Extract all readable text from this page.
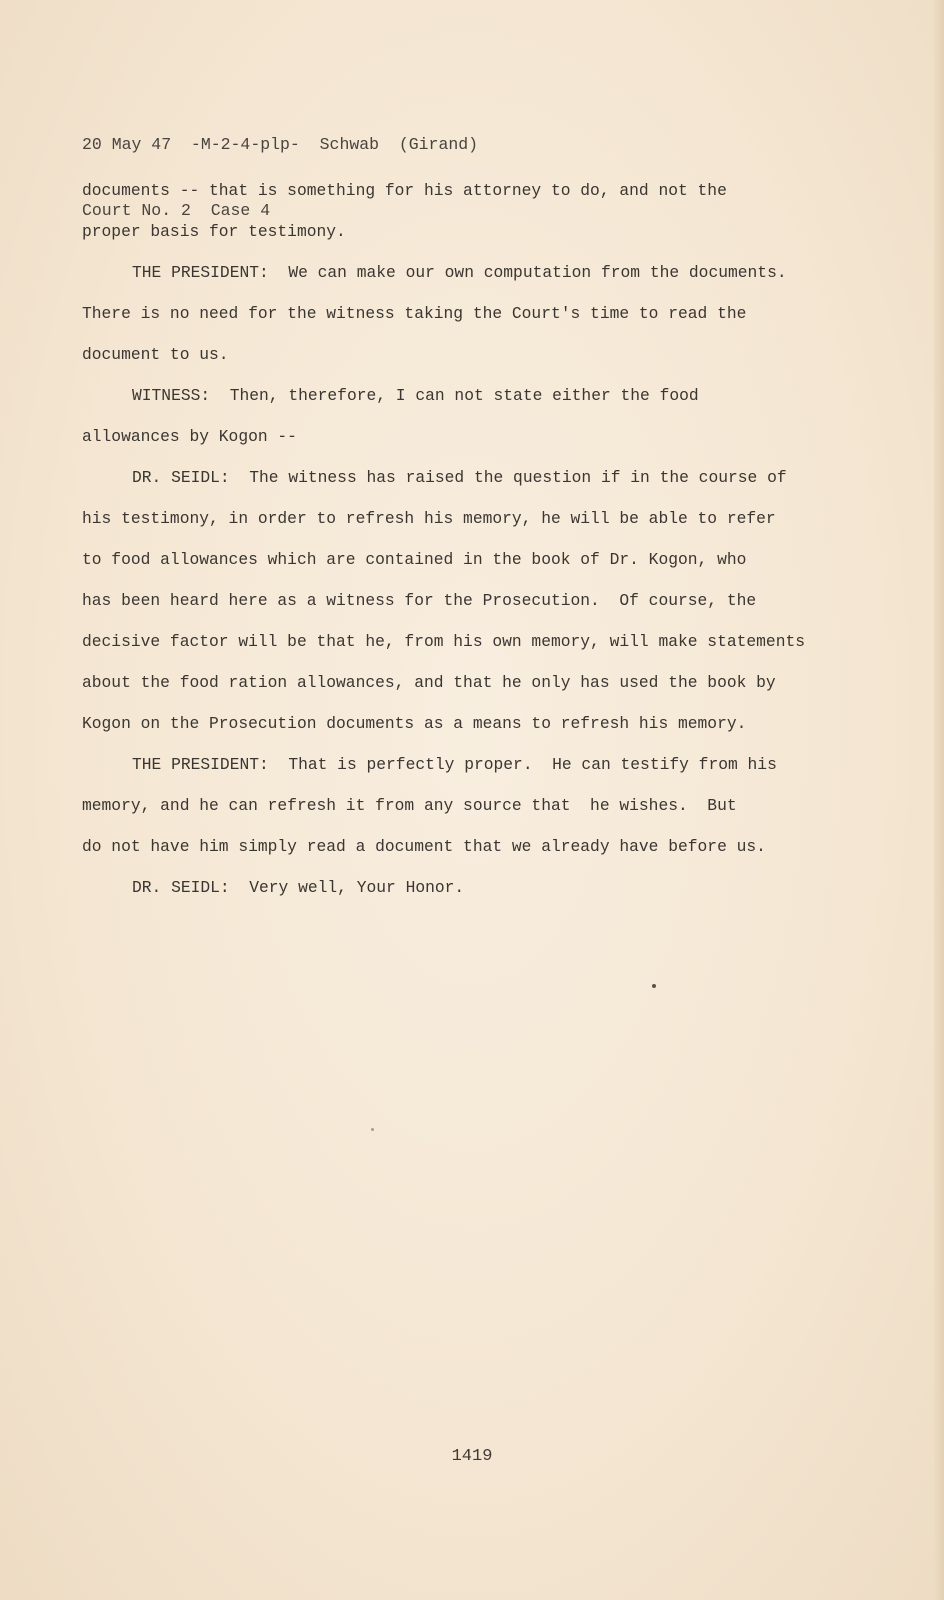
20 May 47  -M-2-4-plp-  Schwab  (Girand)

Court No. 2  Case 4

documents -- that is something for his attorney to do, and not the

proper basis for testimony.

THE PRESIDENT:  We can make our own computation from the documents.

There is no need for the witness taking the Court's time to read the

document to us.

WITNESS:  Then, therefore, I can not state either the food

allowances by Kogon --

DR. SEIDL:  The witness has raised the question if in the course of

his testimony, in order to refresh his memory, he will be able to refer

to food allowances which are contained in the book of Dr. Kogon, who

has been heard here as a witness for the Prosecution.  Of course, the

decisive factor will be that he, from his own memory, will make statements

about the food ration allowances, and that he only has used the book by

Kogon on the Prosecution documents as a means to refresh his memory.

THE PRESIDENT:  That is perfectly proper.  He can testify from his

memory, and he can refresh it from any source that  he wishes.  But

do not have him simply read a document that we already have before us.

DR. SEIDL:  Very well, Your Honor.

1419
